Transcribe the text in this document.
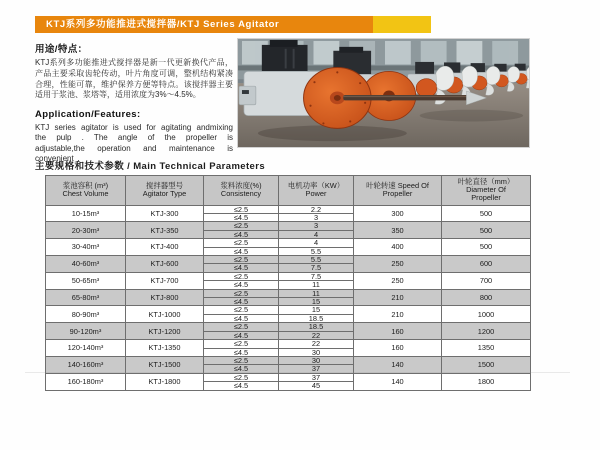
KTJ系列多功能推进式搅拌器/KTJ Series Agitator

用途/特点：

KTJ系列多功能推进式搅拌器是新一代更新换代产品，产品主要采取齿轮传动，叶片角度可调，整机结构紧凑合理，性能可靠，维护保养方便等特点。该搅拌器主要适用于浆池、浆塔等，适用浓度为3%～4.5%。

Application/Features:

KTJ series agitator is used for agitating andmixing the pulp . The angle of the propeller is adjustable,the operation and maintenance is convenient .

主要规格和技术参数 / Main Technical Parameters
浆池容积 (m³)
Chest Volume

搅拌器型号
Agitator Type

浆料浓度(%)
Consistency

电机功率（KW）
Power

叶轮转速 Speed Of
Propeller

叶轮直径（mm）
Diameter Of
Propeller

10-15m³	KTJ-300	≤2.5	2.2	300	500
		≤4.5	3		
20-30m³	KTJ-350	≤2.5	3	350	500
		≤4.5	4		
30-40m³	KTJ-400	≤2.5	4	400	500
		≤4.5	5.5		
40-60m³	KTJ-600	≤2.5	5.5	250	600
		≤4.5	7.5		
50-65m³	KTJ-700	≤2.5	7.5	250	700
		≤4.5	11		
65-80m³	KTJ-800	≤2.5	11	210	800
		≤4.5	15		
80-90m³	KTJ-1000	≤2.5	15	210	1000
		≤4.5	18.5		
90-120m³	KTJ-1200	≤2.5	18.5	160	1200
		≤4.5	22		
120-140m³	KTJ-1350	≤2.5	22	160	1350
		≤4.5	30		
140-160m³	KTJ-1500	≤2.5	30	140	1500
		≤4.5	37		
160-180m³	KTJ-1800	≤2.5	37	140	1800
		≤4.5	45		
